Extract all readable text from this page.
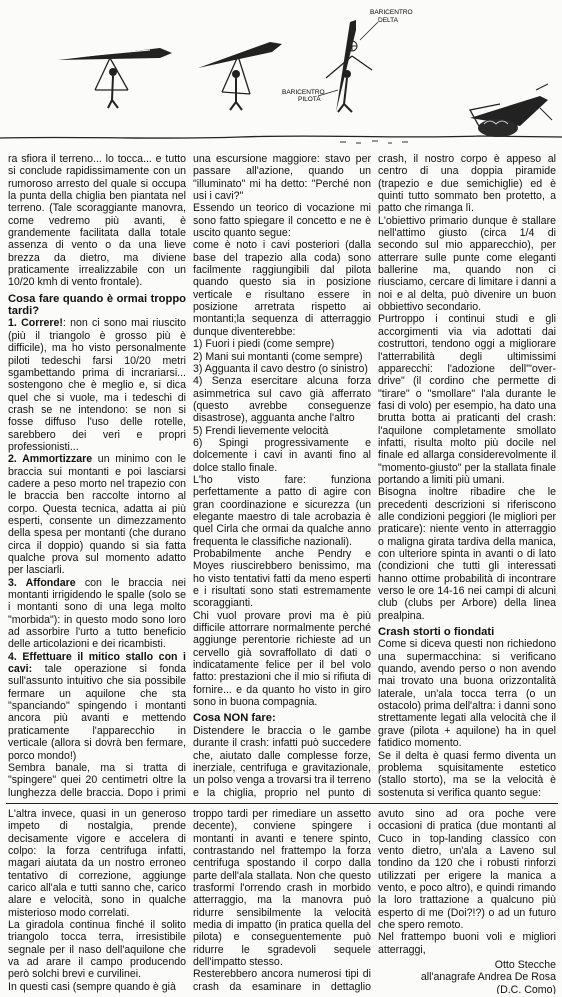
BARICENTRO
DELTA
BARICENTRO
PILOTA

ra sfiora il terreno... lo tocca... e tutto si conclude rapidissimamente con un rumoroso arresto del quale si occupa la punta della chiglia ben piantata nel terreno. (Tale scoraggiante manovra, come vedremo più avanti, è grandemente facilitata dalla totale assenza di vento o da una lieve brezza da dietro, ma diviene praticamente irrealizzabile con un 10/20 kmh di vento frontale).

Cosa fare quando è ormai troppo tardi?

1. Correre!: non ci sono mai riuscito (più il triangolo è grosso più è difficile), ma ho visto personalmente piloti tedeschi farsi 10/20 metri sgambettando prima di incrariarsi... sostengono che è meglio e, si dica quel che si vuole, ma i tedeschi di crash se ne intendono: se non si fosse diffuso l'uso delle rotelle, sarebbero dei veri e propri professionisti...

2. Ammortizzare un minimo con le braccia sui montanti e poi lasciarsi cadere a peso morto nel trapezio con le braccia ben raccolte intorno al corpo. Questa tecnica, adatta ai più esperti, consente un dimezzamento della spesa per montanti (che durano circa il doppio) quando si sia fatta qualche prova sul momento adatto per lasciarli.

3. Affondare con le braccia nei montanti irrigidendo le spalle (solo se i montanti sono di una lega molto "morbida"): in questo modo sono loro ad assorbire l'urto a tutto beneficio delle articolazioni e dei ricambisti.

4. Effettuare il mitico stallo con i cavi: tale operazione si fonda sull'assunto intuitivo che sia possibile fermare un aquilone che sta "spanciando" spingendo i montanti ancora più avanti e mettendo praticamente l'apparecchio in verticale (allora si dovrà ben fermare, porco mondo!)

Sembra banale, ma si tratta di "spingere" quei 20 centimetri oltre la lunghezza delle braccia. Dopo i primi

una escursione maggiore: stavo per passare all'azione, quando un "illuminato" mi ha detto: "Perché non usi i cavi?"

Essendo un teorico di vocazione mi sono fatto spiegare il concetto e ne è uscito quanto segue:

come è noto i cavi posteriori (dalla base del trapezio alla coda) sono facilmente raggiungibili dal pilota quando questo sia in posizione verticale e risultano essere in posizione arretrata rispetto ai montanti;la sequenza di atterraggio dunque diventerebbe:

1) Fuori i piedi (come sempre)

2) Mani sui montanti (come sempre)

3) Agguanta il cavo destro (o sinistro)

4) Senza esercitare alcuna forza asimmetrica sul cavo già afferrato (questo avrebbe conseguenze disastrose), agguanta anche l'altro

5) Frendi lievemente velocità

6) Spingi progressivamente e dolcemente i cavi in avanti fino al dolce stallo finale.

L'ho visto fare: funziona perfettamente a patto di agire con gran coordinazione e sicurezza (un elegante maestro di tale acrobazia è quel Cirla che ormai da qualche anno frequenta le classifiche nazionali).

Probabilmente anche Pendry e Moyes riuscirebbero benissimo, ma ho visto tentativi fatti da meno esperti e i risultati sono stati estremamente scoraggianti.

Chi vuol provare provi ma è più difficile attorrare normalmente perché aggiunge perentorie richieste ad un cervello già sovraffollato di dati o indicatamente felice per il bel volo fatto: prestazioni che il mio si rifiuta di fornire... e da quanto ho visto in giro sono in buona compagnia.

Cosa NON fare:

Distendere le braccia o le gambe durante il crash: infatti può succedere che, aiutato dalle complesse forze, inerziale, centrifuga e gravitazionale, un polso venga a trovarsi tra il terreno e la chiglia, proprio nel punto di

crash, il nostro corpo è appeso al centro di una doppia piramide (trapezio e due semichiglie) ed è quinti tutto sommato ben protetto, a patto che rimanga lì.

L'obiettivo primario dunque è stallare nell'attimo giusto (circa 1/4 di secondo sul mio apparecchio), per atterrare sulle punte come eleganti ballerine ma, quando non ci riusciamo, cercare di limitare i danni a noi e al delta, può divenire un buon obbiettivo secondario.

Purtroppo i continui studi e gli accorgimenti via via adottati dai costruttori, tendono oggi a migliorare l'atterrabilità degli ultimissimi apparecchi: l'adozione dell'"over-drive" (il cordino che permette di "tirare" o "smollare" l'ala durante le fasi di volo) per esempio, ha dato una brutta botta ai praticanti del crash: l'aquilone completamente smollato infatti, risulta molto più docile nel finale ed allarga considerevolmente il "momento-giusto" per la stallata finale portando a limiti più umani.

Bisogna inoltre ribadire che le precedenti descrizioni si riferiscono alle condizioni peggiori (le migliori per praticare): niente vento in atterraggio o maligna girata tardiva della manica, con ulteriore spinta in avanti o di lato (condizioni che tutti gli interessati hanno ottime probabilità di incontrare verso le ore 14-16 nei campi di alcuni club (clubs per Arbore) della linea prealpina.

Crash storti o fiondati

Come si diceva questi non richiedono una supermacchina: si verificano quando, avendo perso o non avendo mai trovato una buona orizzontalità laterale, un'ala tocca terra (o un ostacolo) prima dell'altra: i danni sono strettamente legati alla velocità che il grave (pilota + aquilone) ha in quel fatidico momento.

Se il delta è quasi fermo diventa un problema squisitamente estetico (stallo storto), ma se la velocità è sostenuta si verifica quanto segue:

L'altra invece, quasi in un generoso impeto di nostalgia, prende decisamente vigore e accelera di colpo: la forza centrifuga infatti, magari aiutata da un nostro erroneo tentativo di correzione, aggiunge carico all'ala e tutti sanno che, carico alare e velocità, sono in qualche misterioso modo correlati.

La giradola continua finché il solito triangolo tocca terra, irresistibile segnale per il naso dell'aquilone che va ad arare il campo producendo però solchi brevi e curvilinei.

In questi casi (sempre quando è già

troppo tardi per rimediare un assetto decente), conviene spingere i montanti in avanti e tenere spinto, contrastando nel frattempo la forza centrifuga spostando il corpo dalla parte dell'ala stallata. Non che questo trasformi l'orrendo crash in morbido atterraggio, ma la manovra può ridurre sensibilmente la velocità media di impatto (in pratica quella del pilota) e conseguentemente può ridurre le sgradevoli sequele dell'impatto stesso.

Resterebbero ancora numerosi tipi di crash da esaminare in dettaglio

avuto sino ad ora poche vere occasioni di pratica (due montanti al Cuco in top-landing classico con vento dietro, un'ala a Laveno sul tondino da 120 che i robusti rinforzi utilizzati per erigere la manica a vento, e poco altro), e quindi rimando la loro trattazione a qualcuno più esperto di me (Doi?!?) o ad un futuro che spero remoto.

Nel frattempo buoni voli e migliori atterraggi,

Otto Stecche
all'anagrafe Andrea De Rosa
(D.C. Como)
